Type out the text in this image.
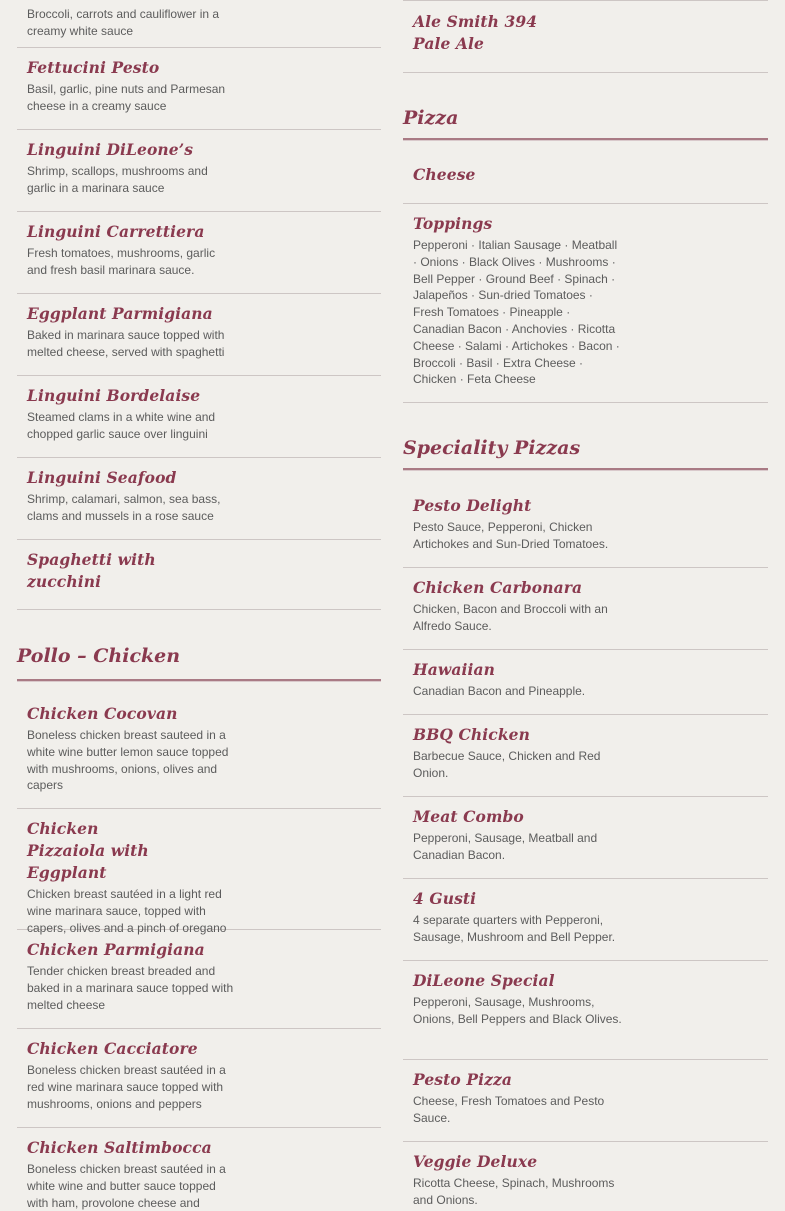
Broccoli, carrots and cauliflower in a creamy white sauce
Fettucini Pesto
Basil, garlic, pine nuts and Parmesan cheese in a creamy sauce
Linguini DiLeone’s
Shrimp, scallops, mushrooms and garlic in a marinara sauce
Linguini Carrettiera
Fresh tomatoes, mushrooms, garlic and fresh basil marinara sauce.
Eggplant Parmigiana
Baked in marinara sauce topped with melted cheese, served with spaghetti
Linguini Bordelaise
Steamed clams in a white wine and chopped garlic sauce over linguini
Linguini Seafood
Shrimp, calamari, salmon, sea bass, clams and mussels in a rose sauce
Spaghetti with zucchini
Pollo – Chicken
Chicken Cocovan
Boneless chicken breast sauteed in a white wine butter lemon sauce topped with mushrooms, onions, olives and capers
Chicken Pizzaiola with Eggplant
Chicken breast sautéed in a light red wine marinara sauce, topped with capers, olives and a pinch of oregano
Chicken Parmigiana
Tender chicken breast breaded and baked in a marinara sauce topped with melted cheese
Chicken Cacciatore
Boneless chicken breast sautéed in a red wine marinara sauce topped with mushrooms, onions and peppers
Chicken Saltimbocca
Boneless chicken breast sautéed in a white wine and butter sauce topped with ham, provolone cheese and
Ale Smith 394 Pale Ale
Pizza
Cheese
Toppings
Pepperoni · Italian Sausage · Meatball · Onions · Black Olives · Mushrooms · Bell Pepper · Ground Beef · Spinach · Jalapeños · Sun-dried Tomatoes · Fresh Tomatoes · Pineapple · Canadian Bacon · Anchovies · Ricotta Cheese · Salami · Artichokes · Bacon · Broccoli · Basil · Extra Cheese · Chicken · Feta Cheese
Speciality Pizzas
Pesto Delight
Pesto Sauce, Pepperoni, Chicken Artichokes and Sun-Dried Tomatoes.
Chicken Carbonara
Chicken, Bacon and Broccoli with an Alfredo Sauce.
Hawaiian
Canadian Bacon and Pineapple.
BBQ Chicken
Barbecue Sauce, Chicken and Red Onion.
Meat Combo
Pepperoni, Sausage, Meatball and Canadian Bacon.
4 Gusti
4 separate quarters with Pepperoni, Sausage, Mushroom and Bell Pepper.
DiLeone Special
Pepperoni, Sausage, Mushrooms, Onions, Bell Peppers and Black Olives.
Pesto Pizza
Cheese, Fresh Tomatoes and Pesto Sauce.
Veggie Deluxe
Ricotta Cheese, Spinach, Mushrooms and Onions.
